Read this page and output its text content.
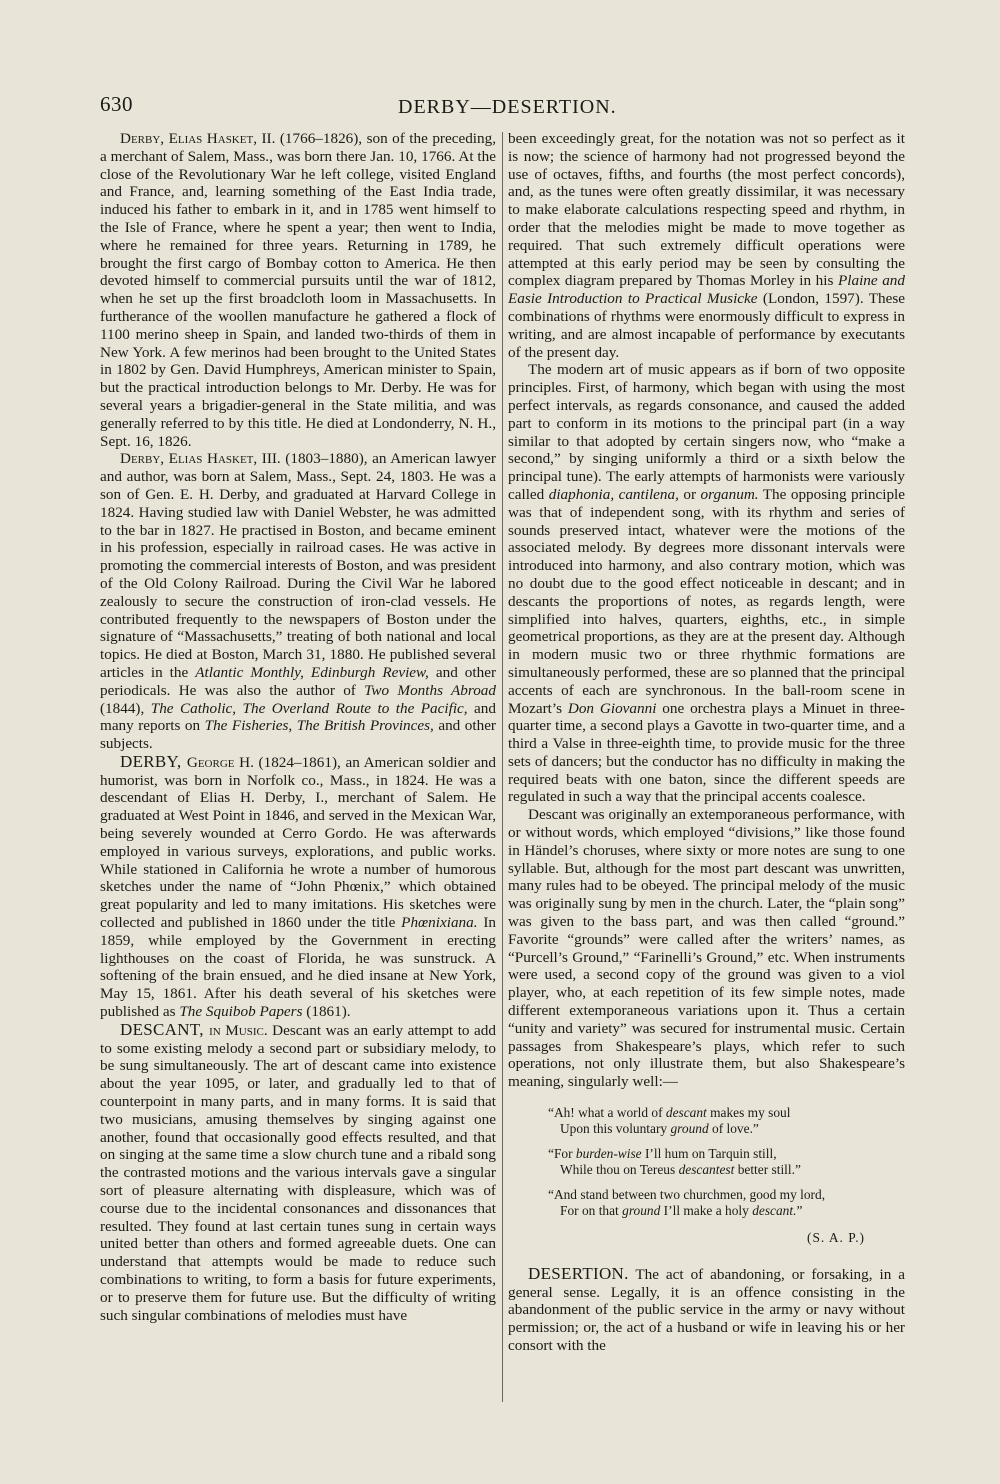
630	DERBY—DESERTION.

Derby, Elias Hasket, II. (1766–1826), son of the preceding, a merchant of Salem, Mass., was born there Jan. 10, 1766. At the close of the Revolutionary War he left college, visited England and France, and, learning something of the East India trade, induced his father to embark in it, and in 1785 went himself to the Isle of France, where he spent a year; then went to India, where he remained for three years. Returning in 1789, he brought the first cargo of Bombay cotton to America. He then devoted himself to commercial pursuits until the war of 1812, when he set up the first broadcloth loom in Massachusetts. In furtherance of the woollen manufacture he gathered a flock of 1100 merino sheep in Spain, and landed two-thirds of them in New York. A few merinos had been brought to the United States in 1802 by Gen. David Humphreys, American minister to Spain, but the practical introduction belongs to Mr. Derby. He was for several years a brigadier-general in the State militia, and was generally referred to by this title. He died at Londonderry, N. H., Sept. 16, 1826.

Derby, Elias Hasket, III. (1803–1880), an American lawyer and author, was born at Salem, Mass., Sept. 24, 1803. He was a son of Gen. E. H. Derby, and graduated at Harvard College in 1824. Having studied law with Daniel Webster, he was admitted to the bar in 1827. He practised in Boston, and became eminent in his profession, especially in railroad cases. He was active in promoting the commercial interests of Boston, and was president of the Old Colony Railroad. During the Civil War he labored zealously to secure the construction of iron-clad vessels. He contributed frequently to the newspapers of Boston under the signature of “Massachusetts,” treating of both national and local topics. He died at Boston, March 31, 1880. He published several articles in the Atlantic Monthly, Edinburgh Review, and other periodicals. He was also the author of Two Months Abroad (1844), The Catholic, The Overland Route to the Pacific, and many reports on The Fisheries, The British Provinces, and other subjects.

DERBY, George H. (1824–1861), an American soldier and humorist, was born in Norfolk co., Mass., in 1824. He was a descendant of Elias H. Derby, I., merchant of Salem. He graduated at West Point in 1846, and served in the Mexican War, being severely wounded at Cerro Gordo. He was afterwards employed in various surveys, explorations, and public works. While stationed in California he wrote a number of humorous sketches under the name of “John Phœnix,” which obtained great popularity and led to many imitations. His sketches were collected and published in 1860 under the title Phœnixiana. In 1859, while employed by the Government in erecting lighthouses on the coast of Florida, he was sunstruck. A softening of the brain ensued, and he died insane at New York, May 15, 1861. After his death several of his sketches were published as The Squibob Papers (1861).

DESCANT, in Music. Descant was an early attempt to add to some existing melody a second part or subsidiary melody, to be sung simultaneously. The art of descant came into existence about the year 1095, or later, and gradually led to that of counterpoint in many parts, and in many forms. It is said that two musicians, amusing themselves by singing against one another, found that occasionally good effects resulted, and that on singing at the same time a slow church tune and a ribald song the contrasted motions and the various intervals gave a singular sort of pleasure alternating with displeasure, which was of course due to the incidental consonances and dissonances that resulted. They found at last certain tunes sung in certain ways united better than others and formed agreeable duets. One can understand that attempts would be made to reduce such combinations to writing, to form a basis for future experiments, or to preserve them for future use. But the difficulty of writing such singular combinations of melodies must have

been exceedingly great, for the notation was not so perfect as it is now; the science of harmony had not progressed beyond the use of octaves, fifths, and fourths (the most perfect concords), and, as the tunes were often greatly dissimilar, it was necessary to make elaborate calculations respecting speed and rhythm, in order that the melodies might be made to move together as required. That such extremely difficult operations were attempted at this early period may be seen by consulting the complex diagram prepared by Thomas Morley in his Plaine and Easie Introduction to Practical Musicke (London, 1597). These combinations of rhythms were enormously difficult to express in writing, and are almost incapable of performance by executants of the present day.

The modern art of music appears as if born of two opposite principles. First, of harmony, which began with using the most perfect intervals, as regards consonance, and caused the added part to conform in its motions to the principal part (in a way similar to that adopted by certain singers now, who “make a second,” by singing uniformly a third or a sixth below the principal tune). The early attempts of harmonists were variously called diaphonia, cantilena, or organum. The opposing principle was that of independent song, with its rhythm and series of sounds preserved intact, whatever were the motions of the associated melody. By degrees more dissonant intervals were introduced into harmony, and also contrary motion, which was no doubt due to the good effect noticeable in descant; and in descants the proportions of notes, as regards length, were simplified into halves, quarters, eighths, etc., in simple geometrical proportions, as they are at the present day. Although in modern music two or three rhythmic formations are simultaneously performed, these are so planned that the principal accents of each are synchronous. In the ball-room scene in Mozart’s Don Giovanni one orchestra plays a Minuet in three-quarter time, a second plays a Gavotte in two-quarter time, and a third a Valse in three-eighth time, to provide music for the three sets of dancers; but the conductor has no difficulty in making the required beats with one baton, since the different speeds are regulated in such a way that the principal accents coalesce.

Descant was originally an extemporaneous performance, with or without words, which employed “divisions,” like those found in Händel’s choruses, where sixty or more notes are sung to one syllable. But, although for the most part descant was unwritten, many rules had to be obeyed. The principal melody of the music was originally sung by men in the church. Later, the “plain song” was given to the bass part, and was then called “ground.” Favorite “grounds” were called after the writers’ names, as “Purcell’s Ground,” “Farinelli’s Ground,” etc. When instruments were used, a second copy of the ground was given to a viol player, who, at each repetition of its few simple notes, made different extemporaneous variations upon it. Thus a certain “unity and variety” was secured for instrumental music. Certain passages from Shakespeare’s plays, which refer to such operations, not only illustrate them, but also Shakespeare’s meaning, singularly well:—

“Ah! what a world of descant makes my soul
Upon this voluntary ground of love.”
“For burden-wise I’ll hum on Tarquin still,
While thou on Tereus descantest better still.”
“And stand between two churchmen, good my lord,
For on that ground I’ll make a holy descant.”
(S. A. P.)

DESERTION. The act of abandoning, or forsaking, in a general sense. Legally, it is an offence consisting in the abandonment of the public service in the army or navy without permission; or, the act of a husband or wife in leaving his or her consort with the
